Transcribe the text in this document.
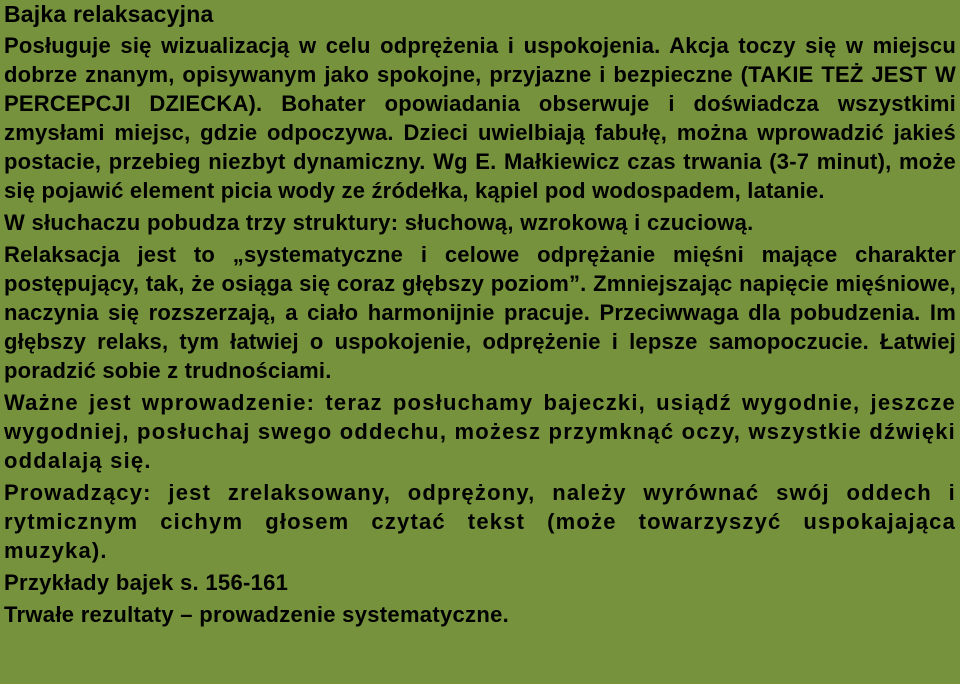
Bajka relaksacyjna

Posługuje się wizualizacją w celu odprężenia i uspokojenia. Akcja toczy się w miejscu dobrze znanym, opisywanym jako spokojne, przyjazne i bezpieczne (TAKIE TEŻ JEST W PERCEPCJI DZIECKA). Bohater opowiadania obserwuje i doświadcza wszystkimi zmysłami miejsc, gdzie odpoczywa. Dzieci uwielbiają fabułę, można wprowadzić jakieś postacie, przebieg niezbyt dynamiczny. Wg E. Małkiewicz czas trwania (3-7 minut), może się pojawić element picia wody ze źródełka, kąpiel pod wodospadem, latanie.

W słuchaczu pobudza trzy struktury: słuchową, wzrokową i czuciową.

Relaksacja jest to „systematyczne i celowe odprężanie mięśni mające charakter postępujący, tak, że osiąga się coraz głębszy poziom”. Zmniejszając napięcie mięśniowe, naczynia się rozszerzają, a ciało harmonijnie pracuje. Przeciwwaga dla pobudzenia. Im głębszy relaks, tym łatwiej o uspokojenie, odprężenie i lepsze samopoczucie. Łatwiej poradzić sobie z trudnościami.

Ważne jest wprowadzenie: teraz posłuchamy bajeczki, usiądź wygodnie, jeszcze wygodniej, posłuchaj swego oddechu, możesz przymknąć oczy, wszystkie dźwięki oddalają się.

Prowadzący: jest zrelaksowany, odprężony, należy wyrównać swój oddech i rytmicznym cichym głosem czytać tekst (może towarzyszyć uspokajająca muzyka).

Przykłady bajek s. 156-161

Trwałe rezultaty – prowadzenie systematyczne.
